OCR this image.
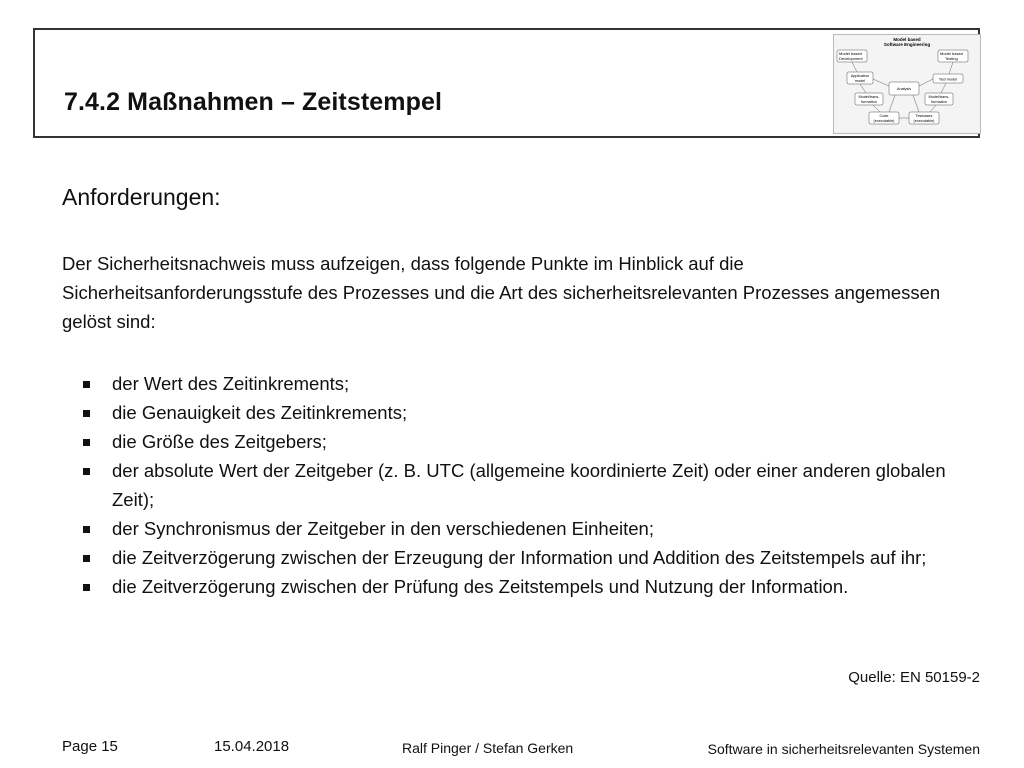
7.4.2 Maßnahmen – Zeitstempel
Model based
Software Engineering
Model based
Development
Model based
Testing
Application
model	Test model
Analysis
Model/trans-
formation
Model/trans-
formation
Code
(executable)
Testcases
(executable)
Anforderungen:

Der Sicherheitsnachweis muss aufzeigen, dass folgende Punkte im Hinblick auf die Sicherheitsanforderungsstufe des Prozesses und die Art des sicherheitsrelevanten Prozesses angemessen gelöst sind:

der Wert des Zeitinkrements;
die Genauigkeit des Zeitinkrements;
die Größe des Zeitgebers;
der absolute Wert der Zeitgeber (z. B. UTC (allgemeine koordinierte Zeit) oder einer anderen globalen Zeit);
der Synchronismus der Zeitgeber in den verschiedenen Einheiten;
die Zeitverzögerung zwischen der Erzeugung der Information und Addition des Zeitstempels auf ihr;
die Zeitverzögerung zwischen der Prüfung des Zeitstempels und Nutzung der Information.
Quelle: EN 50159-2
Page 15	15.04.2018	Ralf Pinger / Stefan Gerken	Software in sicherheitsrelevanten Systemen
